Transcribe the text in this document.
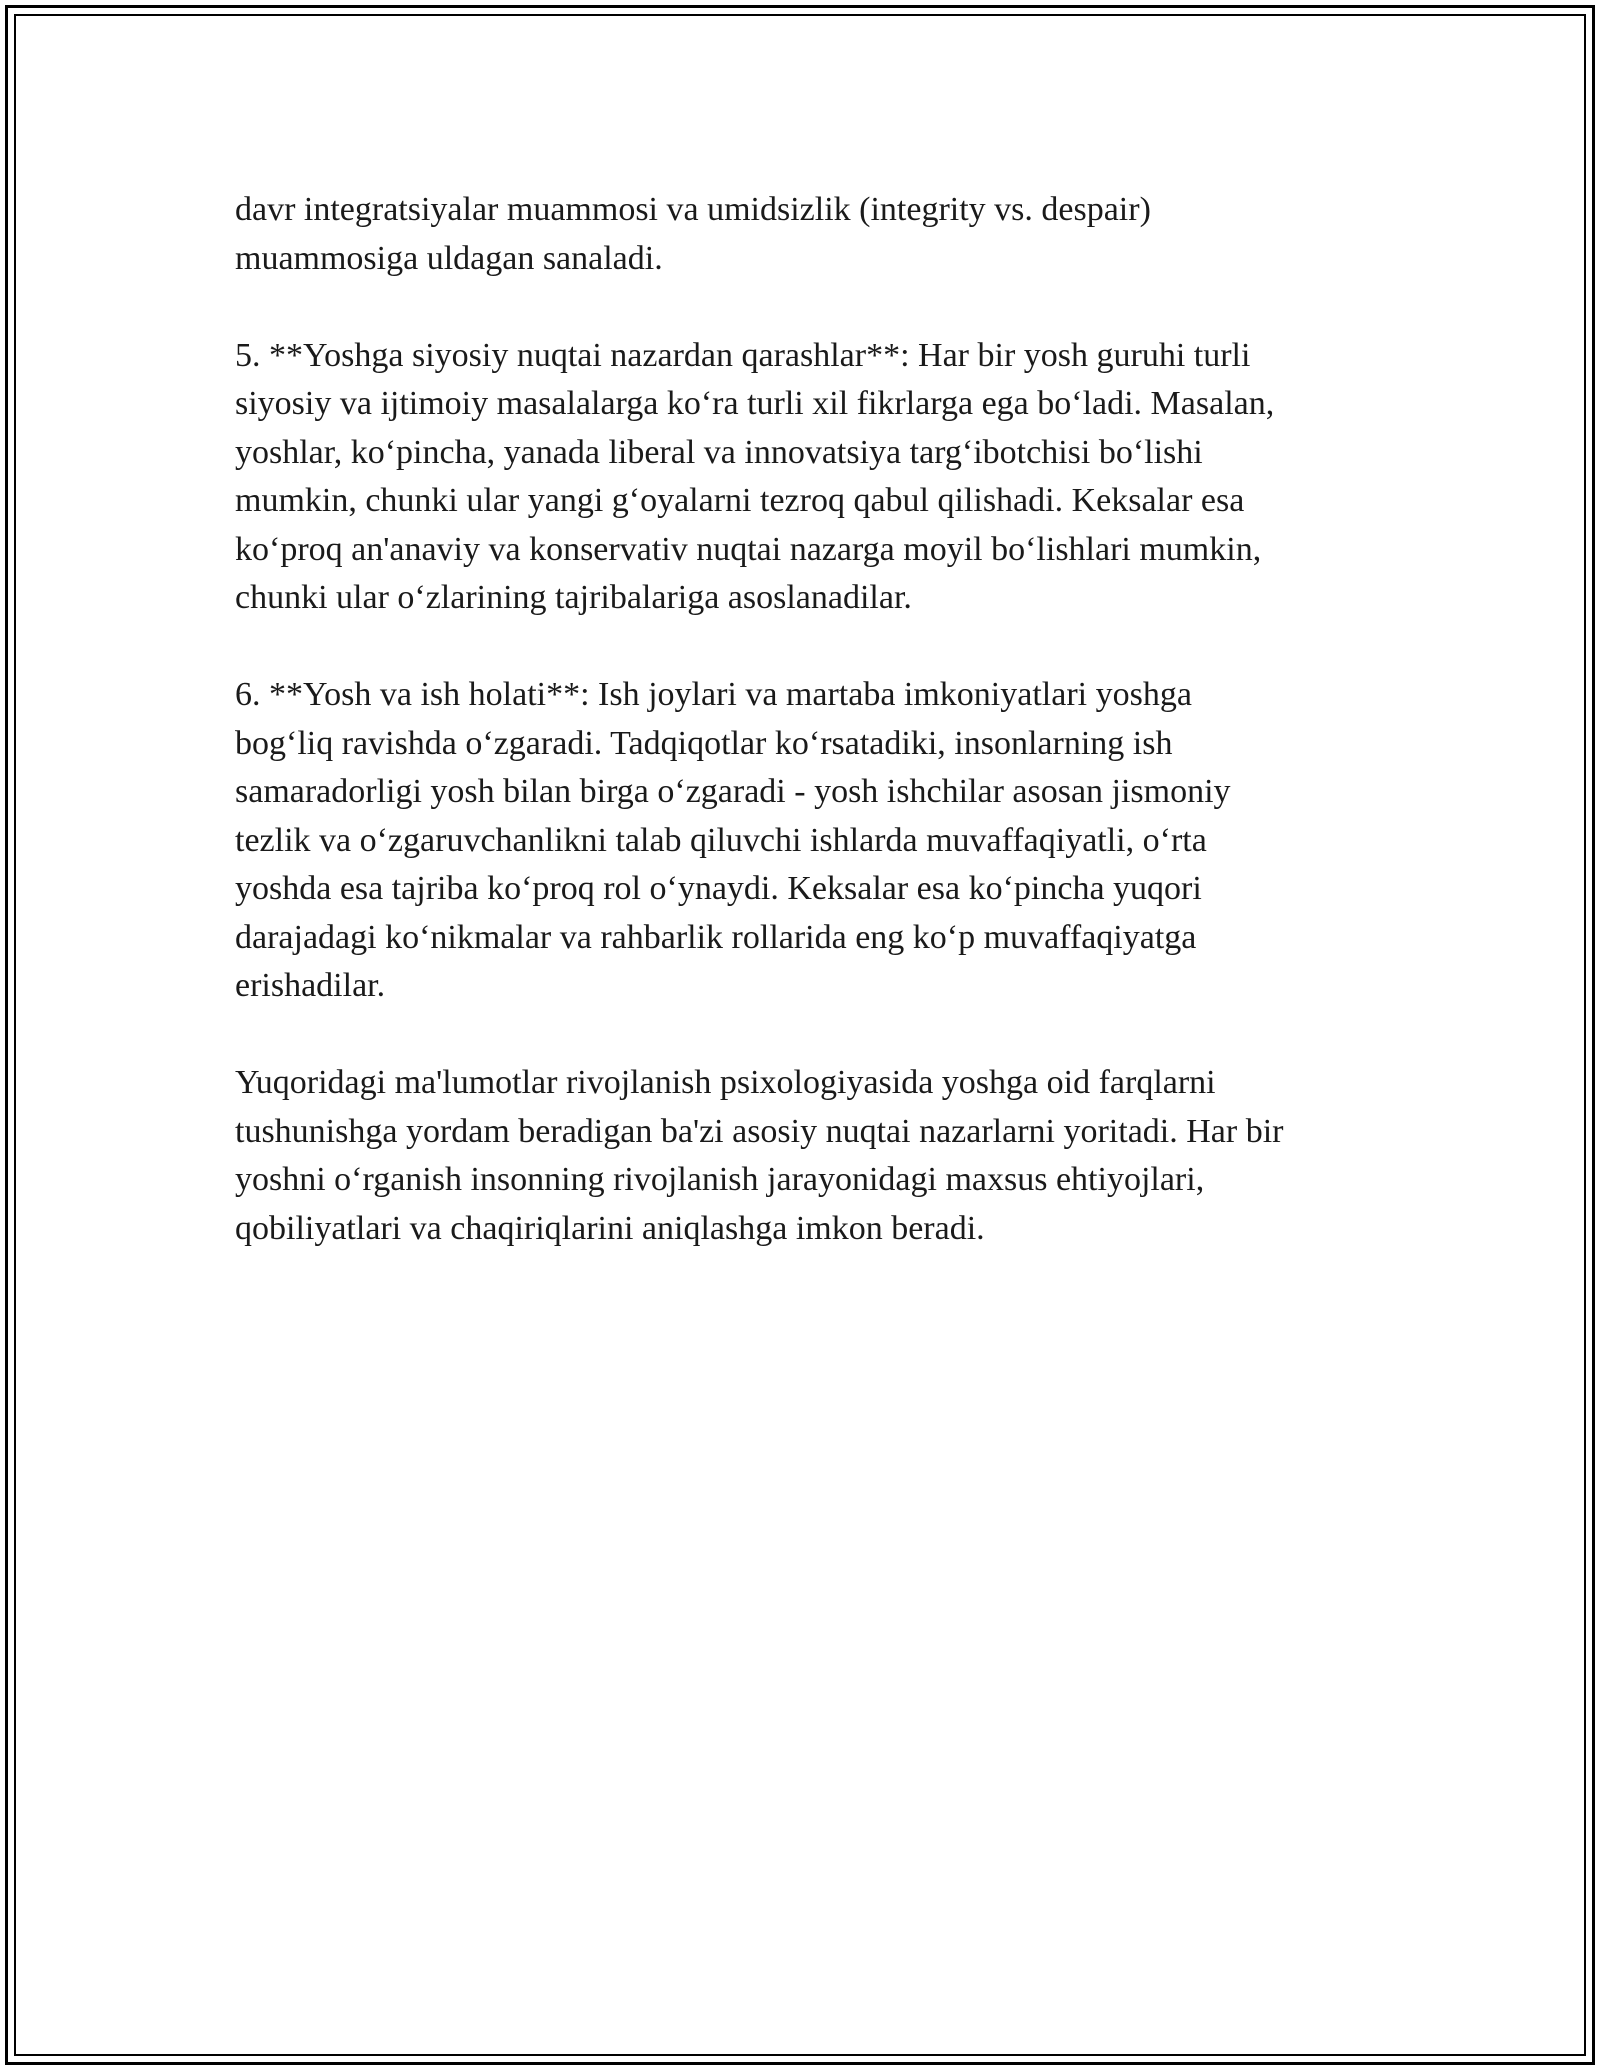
davr integratsiyalar muammosi va umidsizlik (integrity vs. despair)
muammosiga uldagan sanaladi.

5. **Yoshga siyosiy nuqtai nazardan qarashlar**: Har bir yosh guruhi turli
siyosiy va ijtimoiy masalalarga ko‘ra turli xil fikrlarga ega bo‘ladi. Masalan,
yoshlar, ko‘pincha, yanada liberal va innovatsiya targ‘ibotchisi bo‘lishi
mumkin, chunki ular yangi g‘oyalarni tezroq qabul qilishadi. Keksalar esa
ko‘proq an'anaviy va konservativ nuqtai nazarga moyil bo‘lishlari mumkin,
chunki ular o‘zlarining tajribalariga asoslanadilar.

6. **Yosh va ish holati**: Ish joylari va martaba imkoniyatlari yoshga
bog‘liq ravishda o‘zgaradi. Tadqiqotlar ko‘rsatadiki, insonlarning ish
samaradorligi yosh bilan birga o‘zgaradi - yosh ishchilar asosan jismoniy
tezlik va o‘zgaruvchanlikni talab qiluvchi ishlarda muvaffaqiyatli, o‘rta
yoshda esa tajriba ko‘proq rol o‘ynaydi. Keksalar esa ko‘pincha yuqori
darajadagi ko‘nikmalar va rahbarlik rollarida eng ko‘p muvaffaqiyatga
erishadilar.

Yuqoridagi ma'lumotlar rivojlanish psixologiyasida yoshga oid farqlarni
tushunishga yordam beradigan ba'zi asosiy nuqtai nazarlarni yoritadi. Har bir
yoshni o‘rganish insonning rivojlanish jarayonidagi maxsus ehtiyojlari,
qobiliyatlari va chaqiriqlarini aniqlashga imkon beradi.
